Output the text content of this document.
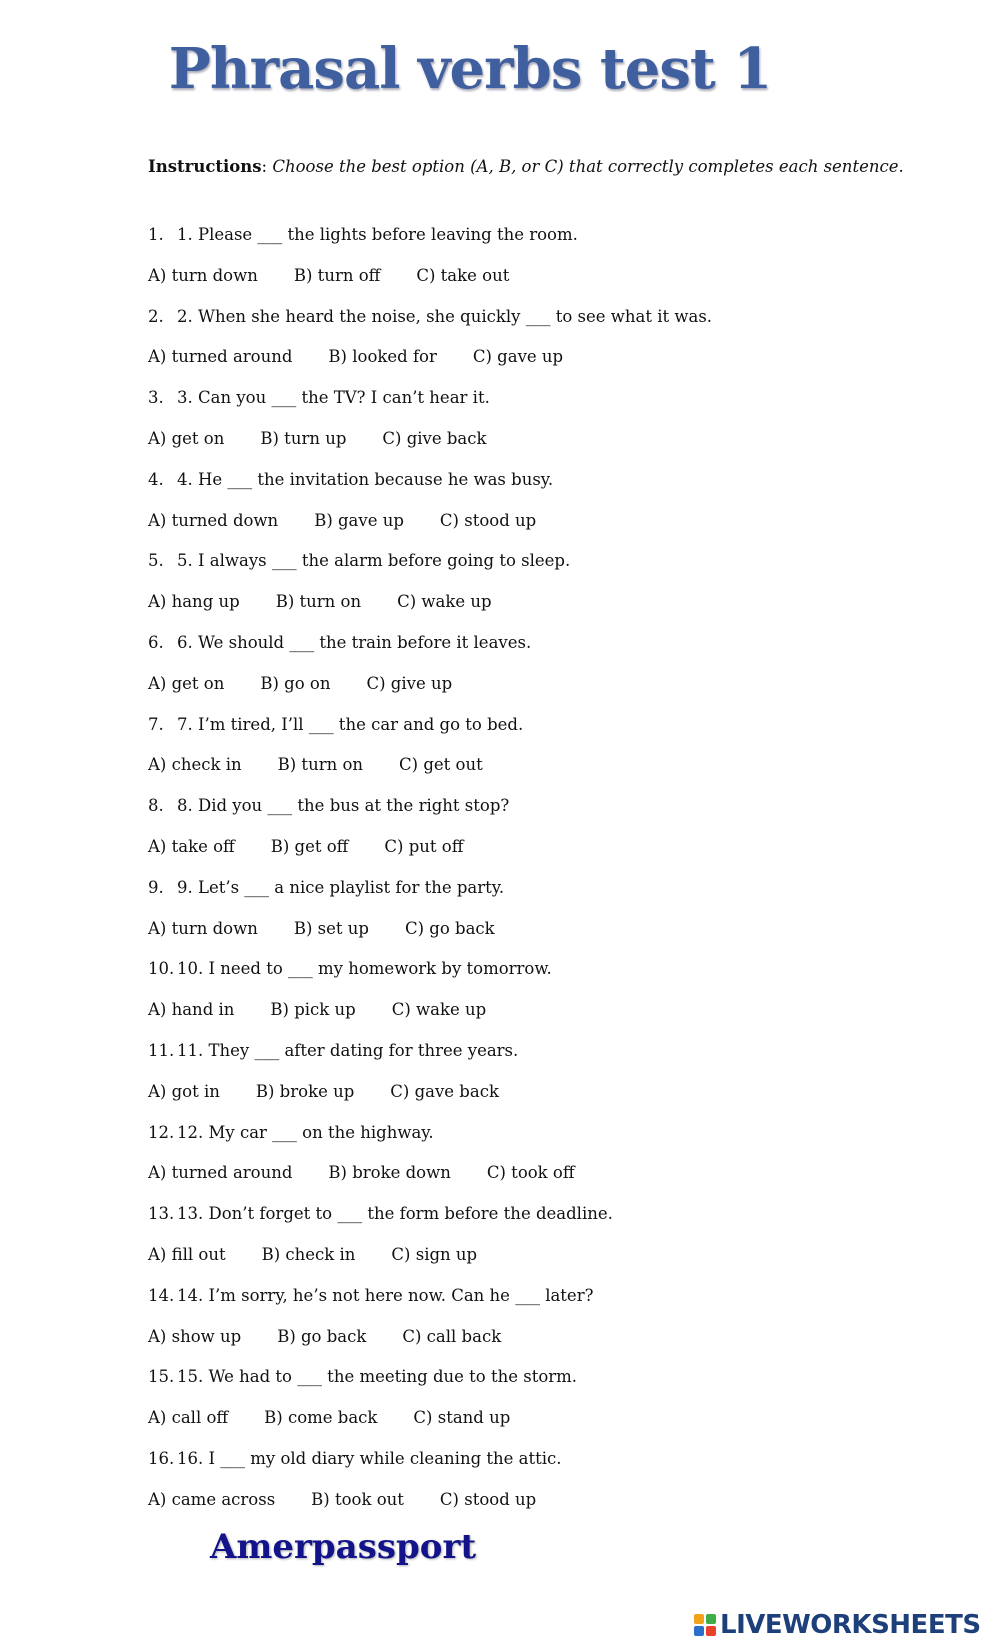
Phrasal verbs test 1
Instructions: Choose the best option (A, B, or C) that correctly completes each sentence.
1. 1. Please ___ the lights before leaving the room.
A) turn down B) turn off C) take out
2. 2. When she heard the noise, she quickly ___ to see what it was.
A) turned around B) looked for C) gave up
3. 3. Can you ___ the TV? I can’t hear it.
A) get on B) turn up C) give back
4. 4. He ___ the invitation because he was busy.
A) turned down B) gave up C) stood up
5. 5. I always ___ the alarm before going to sleep.
A) hang up B) turn on C) wake up
6. 6. We should ___ the train before it leaves.
A) get on B) go on C) give up
7. 7. I’m tired, I’ll ___ the car and go to bed.
A) check in B) turn on C) get out
8. 8. Did you ___ the bus at the right stop?
A) take off B) get off C) put off
9. 9. Let’s ___ a nice playlist for the party.
A) turn down B) set up C) go back
10. 10. I need to ___ my homework by tomorrow.
A) hand in B) pick up C) wake up
11. 11. They ___ after dating for three years.
A) got in B) broke up C) gave back
12. 12. My car ___ on the highway.
A) turned around B) broke down C) took off
13. 13. Don’t forget to ___ the form before the deadline.
A) fill out B) check in C) sign up
14. 14. I’m sorry, he’s not here now. Can he ___ later?
A) show up B) go back C) call back
15. 15. We had to ___ the meeting due to the storm.
A) call off B) come back C) stand up
16. 16. I ___ my old diary while cleaning the attic.
A) came across B) took out C) stood up
Amerpassport
LIVEWORKSHEETS
